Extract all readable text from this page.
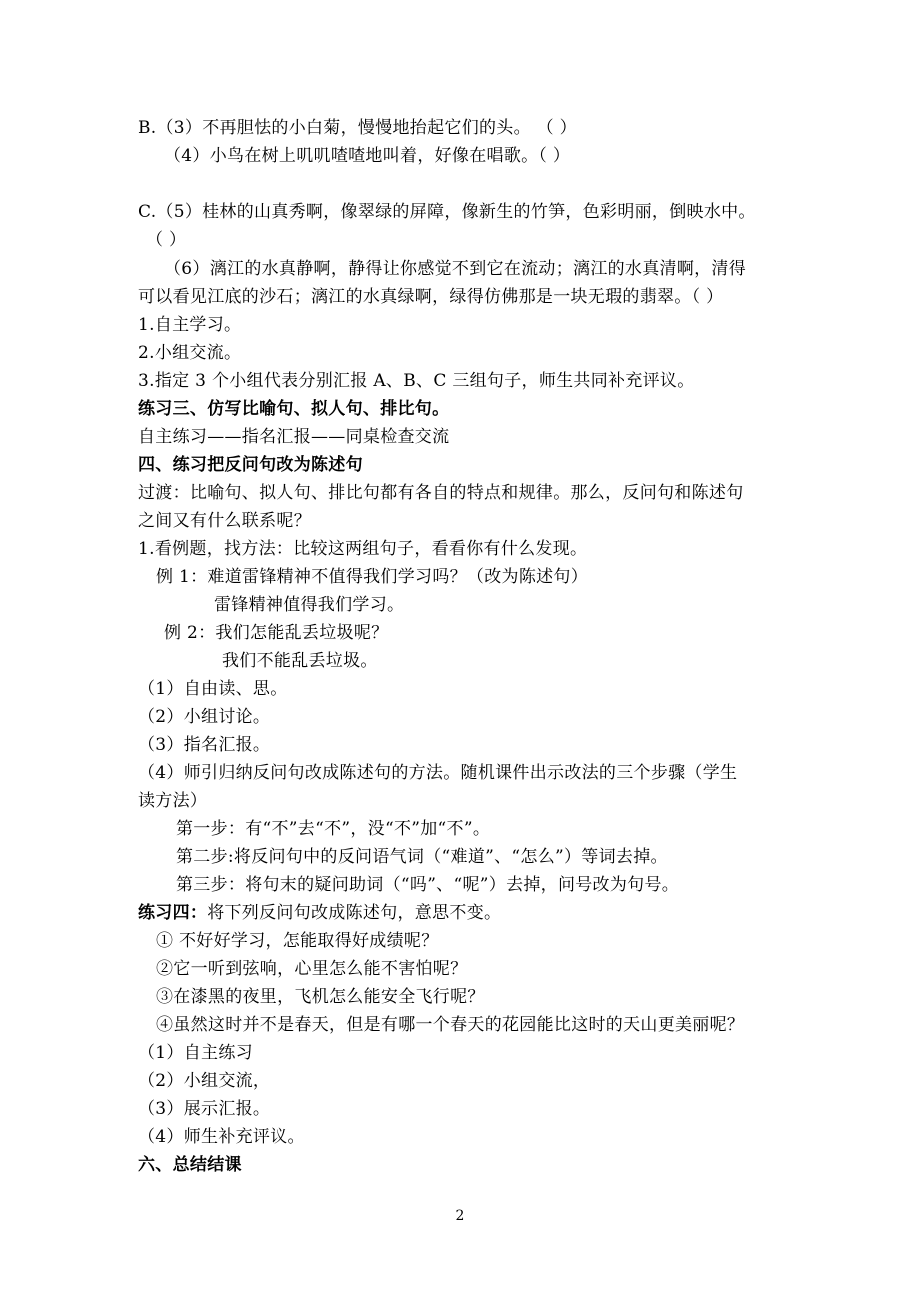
B.（3）不再胆怯的小白菊，慢慢地抬起它们的头。 （ ）
（4）小鸟在树上叽叽喳喳地叫着，好像在唱歌。（ ）
C.（5）桂林的山真秀啊，像翠绿的屏障，像新生的竹笋，色彩明丽，倒映水中。
（ ）
（6）漓江的水真静啊，静得让你感觉不到它在流动；漓江的水真清啊，清得
可以看见江底的沙石；漓江的水真绿啊，绿得仿佛那是一块无瑕的翡翠。（ ）
1.自主学习。
2.小组交流。
3.指定 3 个小组代表分别汇报 A、B、C 三组句子，师生共同补充评议。
练习三、仿写比喻句、拟人句、排比句。
自主练习——指名汇报——同桌检查交流
四、练习把反问句改为陈述句
过渡：比喻句、拟人句、排比句都有各自的特点和规律。那么，反问句和陈述句
之间又有什么联系呢？
1.看例题，找方法：比较这两组句子，看看你有什么发现。
例 1：难道雷锋精神不值得我们学习吗？（改为陈述句）
雷锋精神值得我们学习。
例 2：我们怎能乱丢垃圾呢？
我们不能乱丢垃圾。
（1）自由读、思。
（2）小组讨论。
（3）指名汇报。
（4）师引归纳反问句改成陈述句的方法。随机课件出示改法的三个步骤（学生
读方法）
第一步：有“不”去“不”，没“不”加“不”。
第二步:将反问句中的反问语气词（“难道”、“怎么”）等词去掉。
第三步：将句末的疑问助词（“吗”、“呢”）去掉，问号改为句号。
练习四：将下列反问句改成陈述句，意思不变。
① 不好好学习，怎能取得好成绩呢？
②它一听到弦响，心里怎么能不害怕呢？
③在漆黑的夜里，飞机怎么能安全飞行呢？
④虽然这时并不是春天，但是有哪一个春天的花园能比这时的天山更美丽呢？
（1）自主练习
（2）小组交流，
（3）展示汇报。
（4）师生补充评议。
六、总结结课
2
